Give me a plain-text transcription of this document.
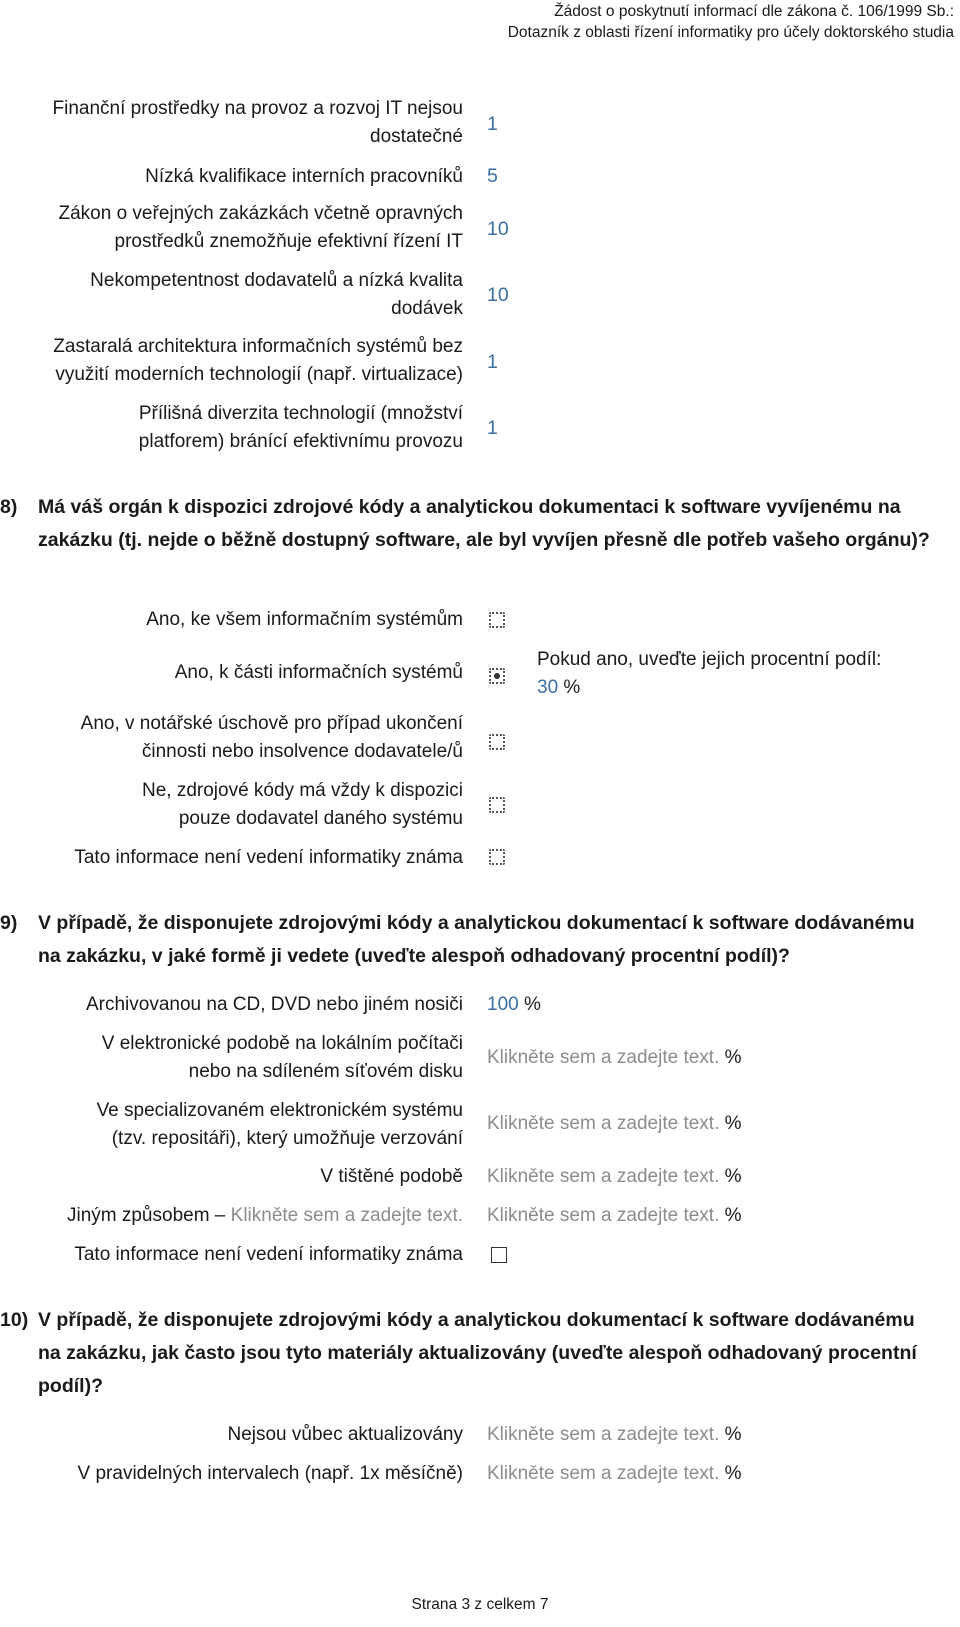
Žádost o poskytnutí informací dle zákona č. 106/1999 Sb.:
Dotazník z oblasti řízení informatiky pro účely doktorského studia
Finanční prostředky na provoz a rozvoj IT nejsou
dostatečné
1
Nízká kvalifikace interních pracovníků 5
Zákon o veřejných zakázkách včetně opravných
prostředků znemožňuje efektivní řízení IT
10
Nekompetentnost dodavatelů a nízká kvalita
dodávek
10
Zastaralá architektura informačních systémů bez
využití moderních technologií (např. virtualizace)
1
Přílišná diverzita technologií (množství
platforem) bránící efektivnímu provozu
1
8) Má váš orgán k dispozici zdrojové kódy a analytickou dokumentaci k software vyvíjenému na zakázku (tj. nejde o běžně dostupný software, ale byl vyvíjen přesně dle potřeb vašeho orgánu)?
Ano, ke všem informačním systémům
Ano, k části informačních systémů
Pokud ano, uveďte jejich procentní podíl:
30 %
Ano, v notářské úschově pro případ ukončení
činnosti nebo insolvence dodavatele/ů
Ne, zdrojové kódy má vždy k dispozici
pouze dodavatel daného systému
Tato informace není vedení informatiky známa
9) V případě, že disponujete zdrojovými kódy a analytickou dokumentací k software dodávanému na zakázku, v jaké formě ji vedete (uveďte alespoň odhadovaný procentní podíl)?
Archivovanou na CD, DVD nebo jiném nosiči 100 %
V elektronické podobě na lokálním počítači
nebo na sdíleném síťovém disku
Klikněte sem a zadejte text. %
Ve specializovaném elektronickém systému
(tzv. repositáři), který umožňuje verzování
Klikněte sem a zadejte text. %
V tištěné podobě Klikněte sem a zadejte text. %
Jiným způsobem – Klikněte sem a zadejte text. Klikněte sem a zadejte text. %
Tato informace není vedení informatiky známa
10) V případě, že disponujete zdrojovými kódy a analytickou dokumentací k software dodávanému na zakázku, jak často jsou tyto materiály aktualizovány (uveďte alespoň odhadovaný procentní podíl)?
Nejsou vůbec aktualizovány Klikněte sem a zadejte text. %
V pravidelných intervalech (např. 1x měsíčně) Klikněte sem a zadejte text. %
Strana 3 z celkem 7
